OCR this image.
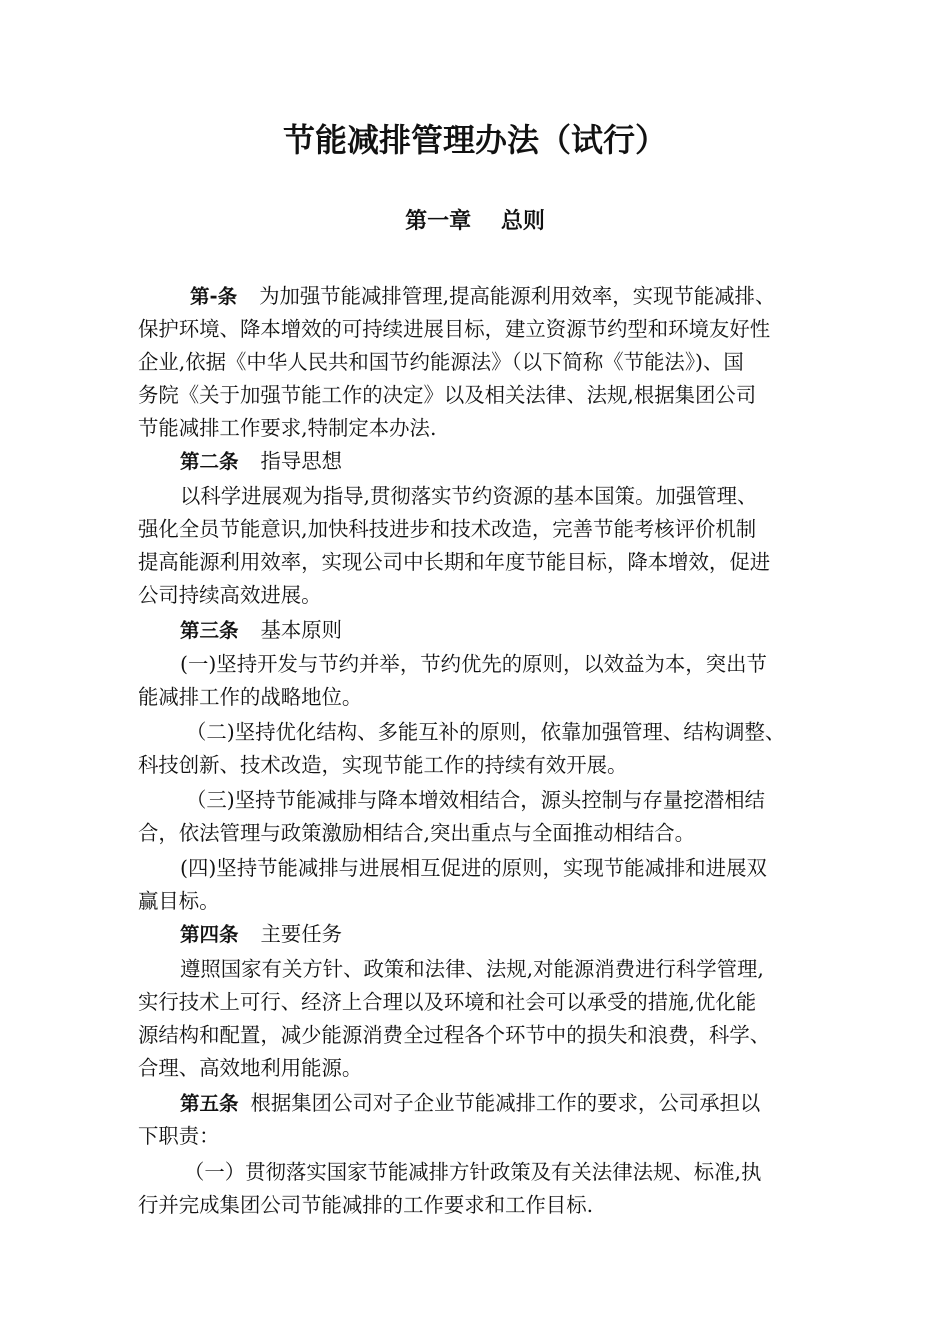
节能减排管理办法（试行）
第一章　 总则
第-条 为加强节能减排管理,提高能源利用效率，实现节能减排、
保护环境、降本增效的可持续进展目标，建立资源节约型和环境友好性
企业,依据《中华人民共和国节约能源法》（以下简称《节能法》)、国
务院《关于加强节能工作的决定》以及相关法律、法规,根据集团公司
节能减排工作要求,特制定本办法.
第二条 指导思想
以科学进展观为指导,贯彻落实节约资源的基本国策。加强管理、
强化全员节能意识,加快科技进步和技术改造，完善节能考核评价机制
提高能源利用效率，实现公司中长期和年度节能目标，降本增效，促进
公司持续高效进展。
第三条 基本原则
(一)坚持开发与节约并举，节约优先的原则，以效益为本，突出节
能减排工作的战略地位。
（二)坚持优化结构、多能互补的原则，依靠加强管理、结构调整、
科技创新、技术改造，实现节能工作的持续有效开展。
（三)坚持节能减排与降本增效相结合，源头控制与存量挖潜相结
合，依法管理与政策激励相结合,突出重点与全面推动相结合。
(四)坚持节能减排与进展相互促进的原则，实现节能减排和进展双
赢目标。
第四条 主要任务
遵照国家有关方针、政策和法律、法规,对能源消费进行科学管理,
实行技术上可行、经济上合理以及环境和社会可以承受的措施,优化能
源结构和配置，减少能源消费全过程各个环节中的损失和浪费，科学、
合理、高效地利用能源。
第五条 根据集团公司对子企业节能减排工作的要求，公司承担以
下职责：
（一）贯彻落实国家节能减排方针政策及有关法律法规、标准,执
行并完成集团公司节能减排的工作要求和工作目标.
